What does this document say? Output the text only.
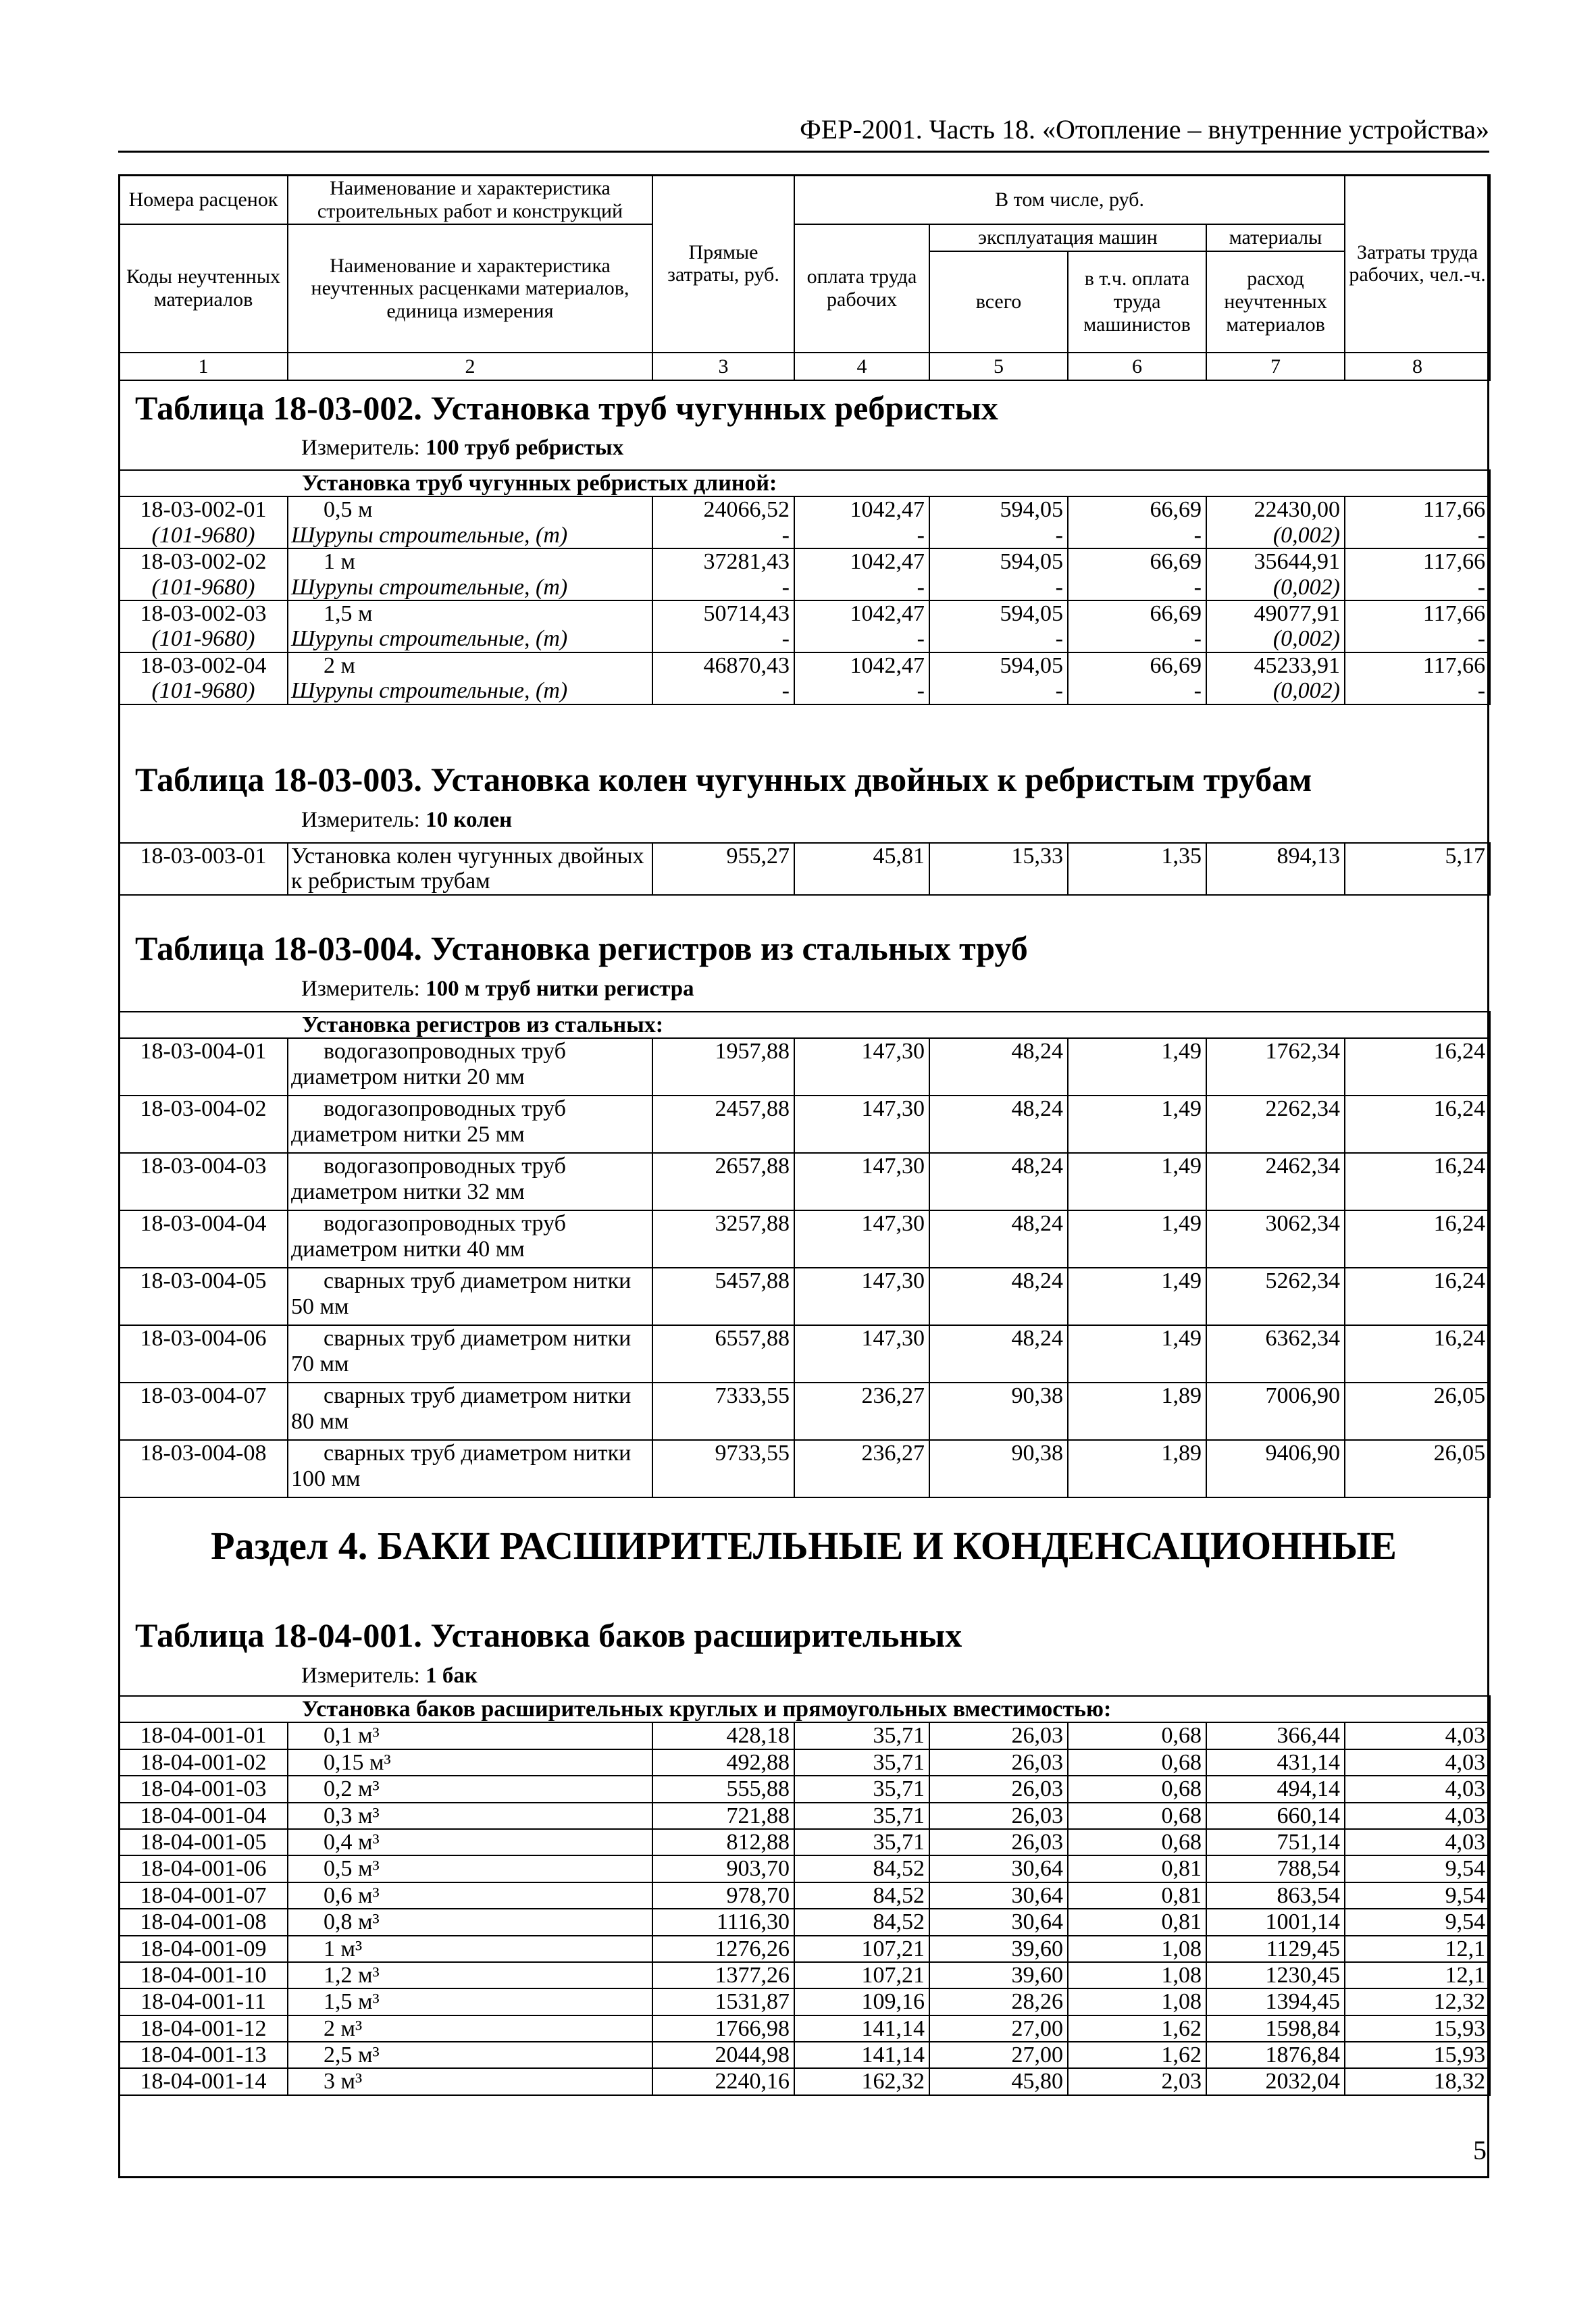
ФЕР-2001. Часть 18. «Отопление – внутренние устройства»
Номера расценок	Наименование и характеристика строительных работ и конструкций	Прямые затраты, руб.	В том числе, руб.				Затраты труда рабочих, чел.-ч.
Коды неучтенных материалов	Наименование и характеристика неучтенных расценками материалов, единица измерения		оплата труда рабочих	эксплуатация машин		материалы	
				всего	в т.ч. оплата труда машинистов	расход неучтенных материалов	
1	2	3	4	5	6	7	8
Таблица 18-03-002. Установка труб чугунных ребристых
Измеритель: 100 труб ребристых
Установка труб чугунных ребристых длиной:							
18-03-002-01	0,5 м	24066,52	1042,47	594,05	66,69	22430,00	117,66
(101-9680)	Шурупы строительные, (т)	-	-	-	-	(0,002)	-
18-03-002-02	1 м	37281,43	1042,47	594,05	66,69	35644,91	117,66
(101-9680)	Шурупы строительные, (т)	-	-	-	-	(0,002)	-
18-03-002-03	1,5 м	50714,43	1042,47	594,05	66,69	49077,91	117,66
(101-9680)	Шурупы строительные, (т)	-	-	-	-	(0,002)	-
18-03-002-04	2 м	46870,43	1042,47	594,05	66,69	45233,91	117,66
(101-9680)	Шурупы строительные, (т)	-	-	-	-	(0,002)	-
Таблица 18-03-003. Установка колен чугунных двойных к ребристым трубам
Измеритель: 10 колен
18-03-003-01	Установка колен чугунных двойных к ребристым трубам	955,27	45,81	15,33	1,35	894,13	5,17
Таблица 18-03-004. Установка регистров из стальных труб
Измеритель: 100 м труб нитки регистра
Установка регистров из стальных:							
18-03-004-01	водогазопроводных труб
диаметром нитки 20 мм	1957,88	147,30	48,24	1,49	1762,34	16,24
18-03-004-02	водогазопроводных труб
диаметром нитки 25 мм	2457,88	147,30	48,24	1,49	2262,34	16,24
18-03-004-03	водогазопроводных труб
диаметром нитки 32 мм	2657,88	147,30	48,24	1,49	2462,34	16,24
18-03-004-04	водогазопроводных труб
диаметром нитки 40 мм	3257,88	147,30	48,24	1,49	3062,34	16,24
18-03-004-05	сварных труб диаметром нитки
50 мм	5457,88	147,30	48,24	1,49	5262,34	16,24
18-03-004-06	сварных труб диаметром нитки
70 мм	6557,88	147,30	48,24	1,49	6362,34	16,24
18-03-004-07	сварных труб диаметром нитки
80 мм	7333,55	236,27	90,38	1,89	7006,90	26,05
18-03-004-08	сварных труб диаметром нитки
100 мм	9733,55	236,27	90,38	1,89	9406,90	26,05
Раздел 4. БАКИ РАСШИРИТЕЛЬНЫЕ И КОНДЕНСАЦИОННЫЕ
Таблица 18-04-001. Установка баков расширительных
Измеритель: 1 бак
Установка баков расширительных круглых и прямоугольных вместимостью:							
18-04-001-01	0,1 м³	428,18	35,71	26,03	0,68	366,44	4,03
18-04-001-02	0,15 м³	492,88	35,71	26,03	0,68	431,14	4,03
18-04-001-03	0,2 м³	555,88	35,71	26,03	0,68	494,14	4,03
18-04-001-04	0,3 м³	721,88	35,71	26,03	0,68	660,14	4,03
18-04-001-05	0,4 м³	812,88	35,71	26,03	0,68	751,14	4,03
18-04-001-06	0,5 м³	903,70	84,52	30,64	0,81	788,54	9,54
18-04-001-07	0,6 м³	978,70	84,52	30,64	0,81	863,54	9,54
18-04-001-08	0,8 м³	1116,30	84,52	30,64	0,81	1001,14	9,54
18-04-001-09	1 м³	1276,26	107,21	39,60	1,08	1129,45	12,1
18-04-001-10	1,2 м³	1377,26	107,21	39,60	1,08	1230,45	12,1
18-04-001-11	1,5 м³	1531,87	109,16	28,26	1,08	1394,45	12,32
18-04-001-12	2 м³	1766,98	141,14	27,00	1,62	1598,84	15,93
18-04-001-13	2,5 м³	2044,98	141,14	27,00	1,62	1876,84	15,93
18-04-001-14	3 м³	2240,16	162,32	45,80	2,03	2032,04	18,32
5
